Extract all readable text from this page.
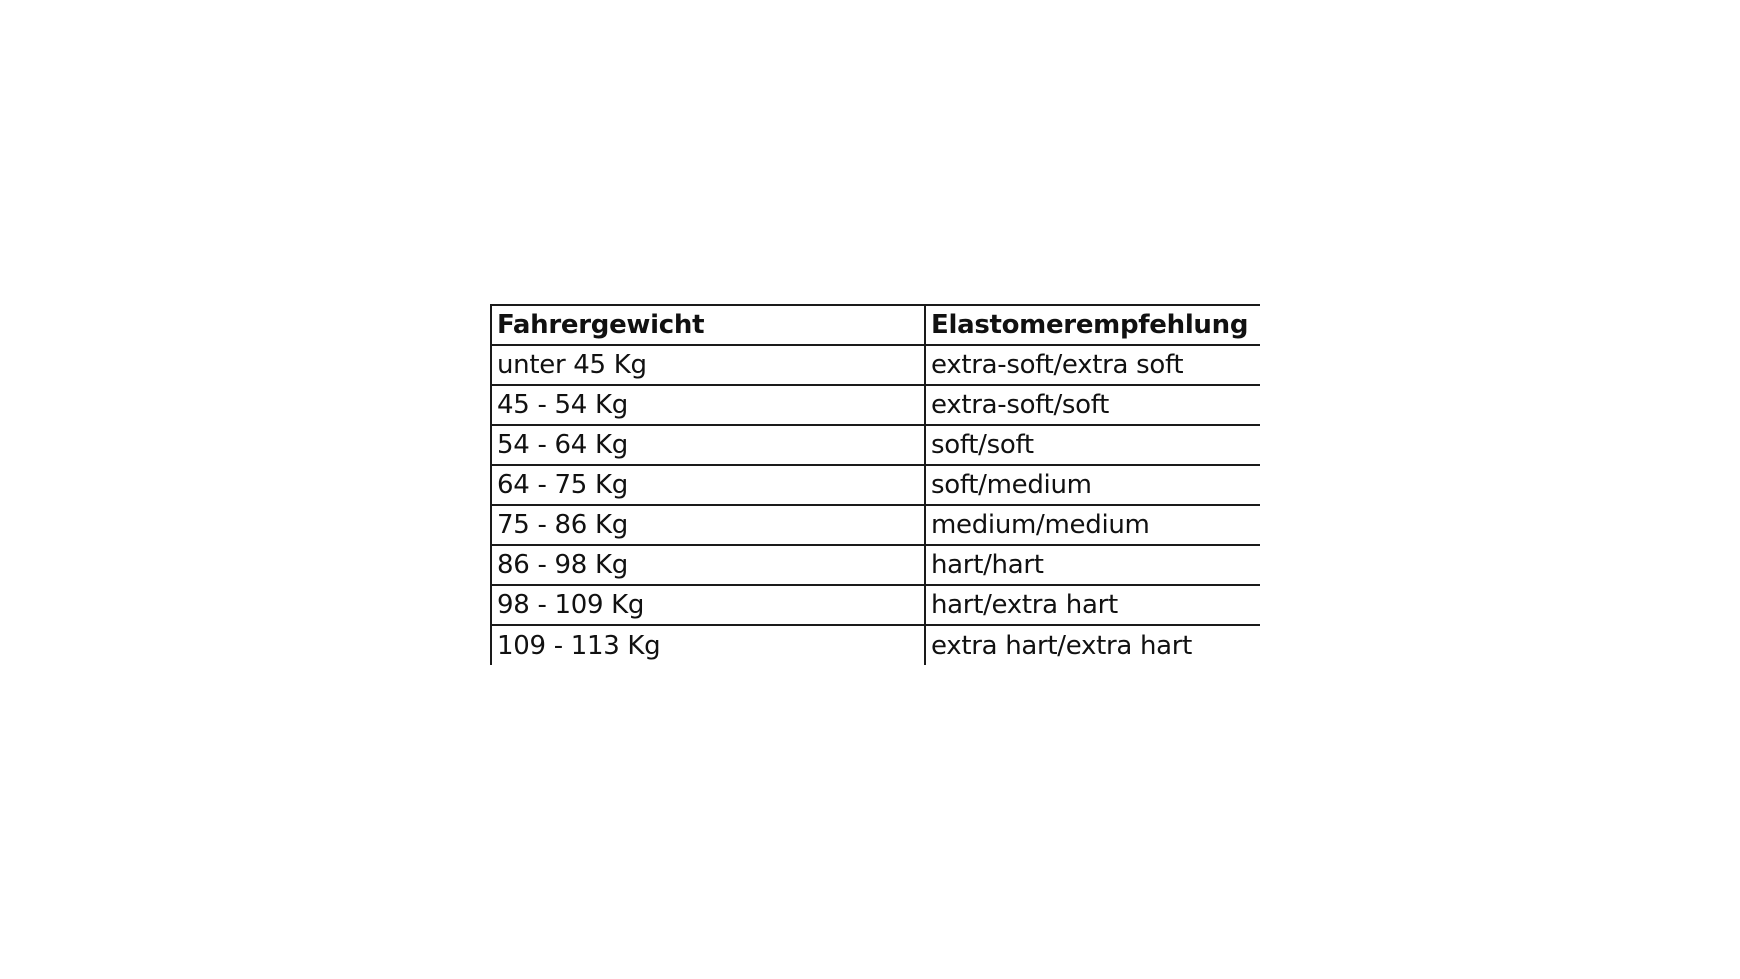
Fahrergewicht	Elastomerempfehlung
unter 45 Kg	extra-soft/extra soft
45 - 54 Kg	extra-soft/soft
54 - 64 Kg	soft/soft
64 - 75 Kg	soft/medium
75 - 86 Kg	medium/medium
86 - 98 Kg	hart/hart
98 - 109 Kg	hart/extra hart
109 - 113 Kg	extra hart/extra hart
